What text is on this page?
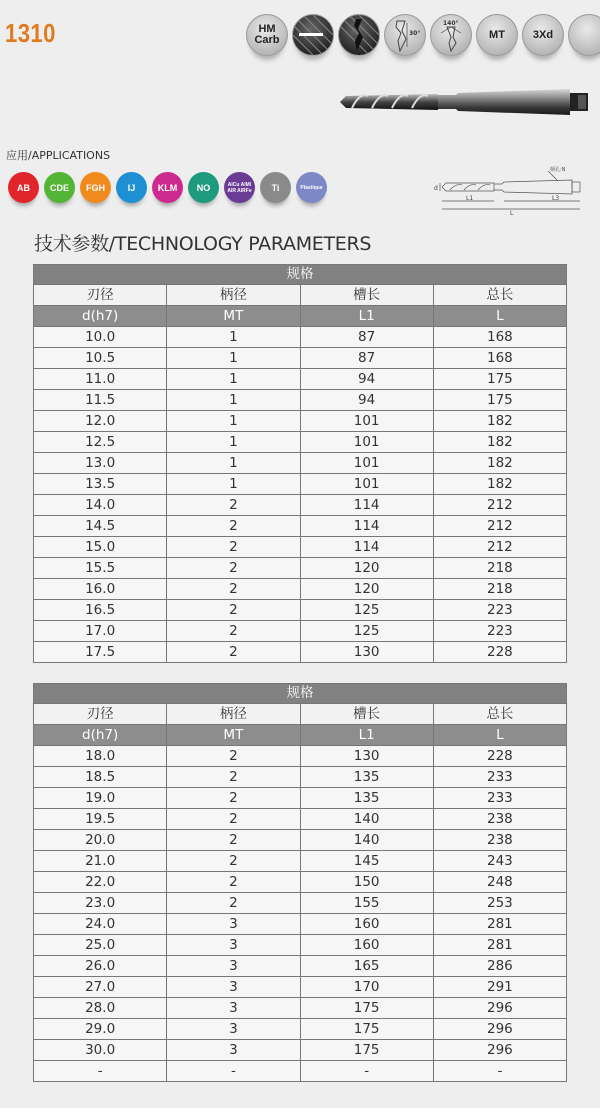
1310	HM
Carb
30°
140°
MT	3Xd
应用/APPLICATIONS
AB CDE FGH	IJ	KLM NO	AlCu AlMi AlR AlRFe Ti	Plastique
柄孔:N
d
L1
L
L3
技术参数/TECHNOLOGY PARAMETERS
规格			
刃径	柄径	槽长	总长
d(h7)	MT	L1	L
10.0	1	87	168
10.5	1	87	168
11.0	1	94	175
11.5	1	94	175
12.0	1	101	182
12.5	1	101	182
13.0	1	101	182
13.5	1	101	182
14.0	2	114	212
14.5	2	114	212
15.0	2	114	212
15.5	2	120	218
16.0	2	120	218
16.5	2	125	223
17.0	2	125	223
17.5	2	130	228
规格			
刃径	柄径	槽长	总长
d(h7)	MT	L1	L
18.0	2	130	228
18.5	2	135	233
19.0	2	135	233
19.5	2	140	238
20.0	2	140	238
21.0	2	145	243
22.0	2	150	248
23.0	2	155	253
24.0	3	160	281
25.0	3	160	281
26.0	3	165	286
27.0	3	170	291
28.0	3	175	296
29.0	3	175	296
30.0	3	175	296
-	-	-	-
